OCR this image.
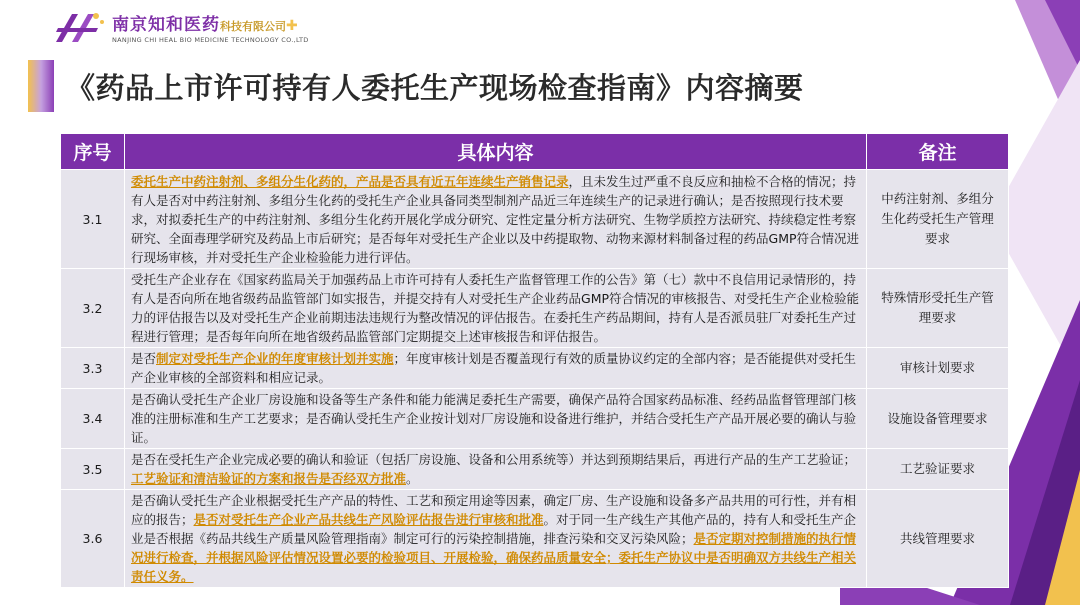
南京知和医药科技有限公司✚
NANJING CHI HEAL BIO MEDICINE TECHNOLOGY CO.,LTD
《药品上市许可持有人委托生产现场检查指南》内容摘要
序号	具体内容	备注
3.1	委托生产中药注射剂、多组分生化药的，产品是否具有近五年连续生产销售记录，且未发生过严重不良反应和抽检不合格的情况；持有人是否对中药注射剂、多组分生化药的受托生产企业具备同类型制剂产品近三年连续生产的记录进行确认；是否按照现行技术要求，对拟委托生产的中药注射剂、多组分生化药开展化学成分研究、定性定量分析方法研究、生物学质控方法研究、持续稳定性考察研究、全面毒理学研究及药品上市后研究；是否每年对受托生产企业以及中药提取物、动物来源材料制备过程的药品GMP符合情况进行现场审核，并对受托生产企业检验能力进行评估。	中药注射剂、多组分生化药受托生产管理要求
3.2	受托生产企业存在《国家药监局关于加强药品上市许可持有人委托生产监督管理工作的公告》第（七）款中不良信用记录情形的，持有人是否向所在地省级药品监管部门如实报告，并提交持有人对受托生产企业药品GMP符合情况的审核报告、对受托生产企业检验能力的评估报告以及对受托生产企业前期违法违规行为整改情况的评估报告。在委托生产药品期间，持有人是否派员驻厂对委托生产过程进行管理；是否每年向所在地省级药品监管部门定期提交上述审核报告和评估报告。	特殊情形受托生产管理要求
3.3	是否制定对受托生产企业的年度审核计划并实施；年度审核计划是否覆盖现行有效的质量协议约定的全部内容；是否能提供对受托生产企业审核的全部资料和相应记录。	审核计划要求
3.4	是否确认受托生产企业厂房设施和设备等生产条件和能力能满足委托生产需要，确保产品符合国家药品标准、经药品监督管理部门核准的注册标准和生产工艺要求；是否确认受托生产企业按计划对厂房设施和设备进行维护，并结合受托生产产品开展必要的确认与验证。	设施设备管理要求
3.5	是否在受托生产企业完成必要的确认和验证（包括厂房设施、设备和公用系统等）并达到预期结果后，再进行产品的生产工艺验证；工艺验证和清洁验证的方案和报告是否经双方批准。	工艺验证要求
3.6	是否确认受托生产企业根据受托生产产品的特性、工艺和预定用途等因素，确定厂房、生产设施和设备多产品共用的可行性，并有相应的报告；是否对受托生产企业产品共线生产风险评估报告进行审核和批准。对于同一生产线生产其他产品的，持有人和受托生产企业是否根据《药品共线生产质量风险管理指南》制定可行的污染控制措施，排查污染和交叉污染风险；是否定期对控制措施的执行情况进行检查，并根据风险评估情况设置必要的检验项目、开展检验，确保药品质量安全；委托生产协议中是否明确双方共线生产相关责任义务。	共线管理要求
